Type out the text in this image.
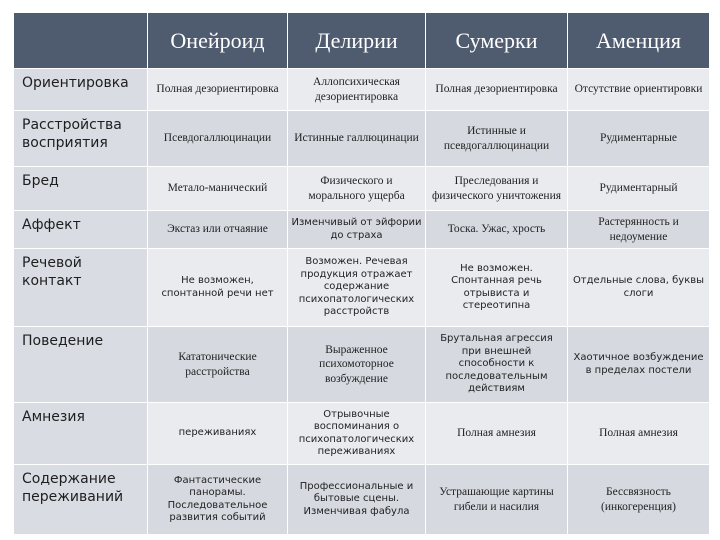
	Онейроид	Делирии	Сумерки	Аменция
Ориентировка	Полная дезориентировка	Аллопсихическая дезориентировка	Полная дезориентировка	Отсутствие ориентировки
Расстройства восприятия	Псевдогаллюцинации	Истинные галлюцинации	Истинные и псевдогаллюцинации	Рудиментарные
Бред	Метало-манический	Физического и морального ущерба	Преследования и физического уничтожения	Рудиментарный
Аффект	Экстаз или отчаяние	Изменчивый от эйфории до страха	Тоска. Ужас, хрость	Растерянность и недоумение
Речевой контакт	Не возможен, спонтанной речи нет	Возможен. Речевая продукция отражает содержание психопатологических расстройств	Не возможен. Спонтанная речь отрывиста и стереотипна	Отдельные слова, буквы слоги
Поведение	Кататонические расстройства	Выраженное психомоторное возбуждение	Брутальная агрессия при внешней способности к последовательным действиям	Хаотичное возбуждение в пределах постели
Амнезия	переживаниях	Отрывочные воспоминания о психопатологических переживаниях	Полная амнезия	Полная амнезия
Содержание переживаний	Фантастические панорамы. Последовательное развития событий	Профессиональные и бытовые сцены. Изменчивая фабула	Устрашающие картины гибели и насилия	Бессвязность (инкогеренция)
